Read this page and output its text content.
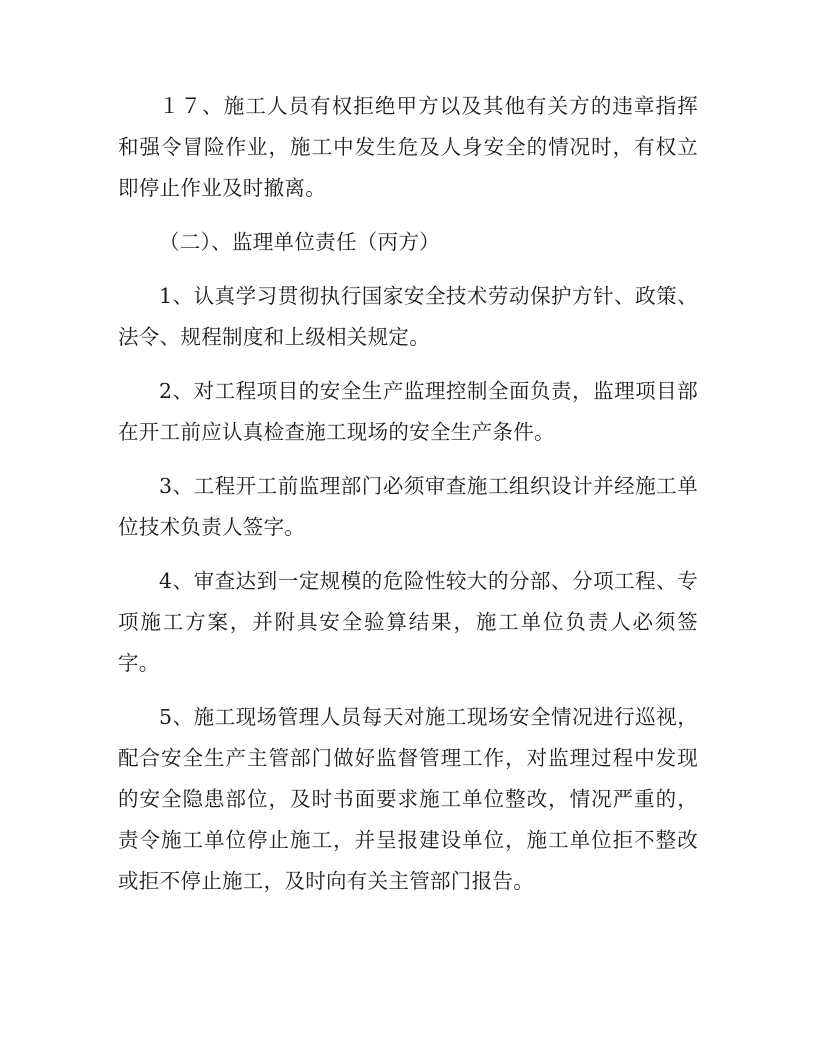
１７、施工人员有权拒绝甲方以及其他有关方的违章指挥和强令冒险作业，施工中发生危及人身安全的情况时，有权立即停止作业及时撤离。

（二）、监理单位责任（丙方）

1、认真学习贯彻执行国家安全技术劳动保护方针、政策、法令、规程制度和上级相关规定。

2、对工程项目的安全生产监理控制全面负责，监理项目部在开工前应认真检查施工现场的安全生产条件。

3、工程开工前监理部门必须审查施工组织设计并经施工单位技术负责人签字。

4、审查达到一定规模的危险性较大的分部、分项工程、专项施工方案，并附具安全验算结果，施工单位负责人必须签字。

5、施工现场管理人员每天对施工现场安全情况进行巡视，配合安全生产主管部门做好监督管理工作，对监理过程中发现的安全隐患部位，及时书面要求施工单位整改，情况严重的，责令施工单位停止施工，并呈报建设单位，施工单位拒不整改或拒不停止施工，及时向有关主管部门报告。
